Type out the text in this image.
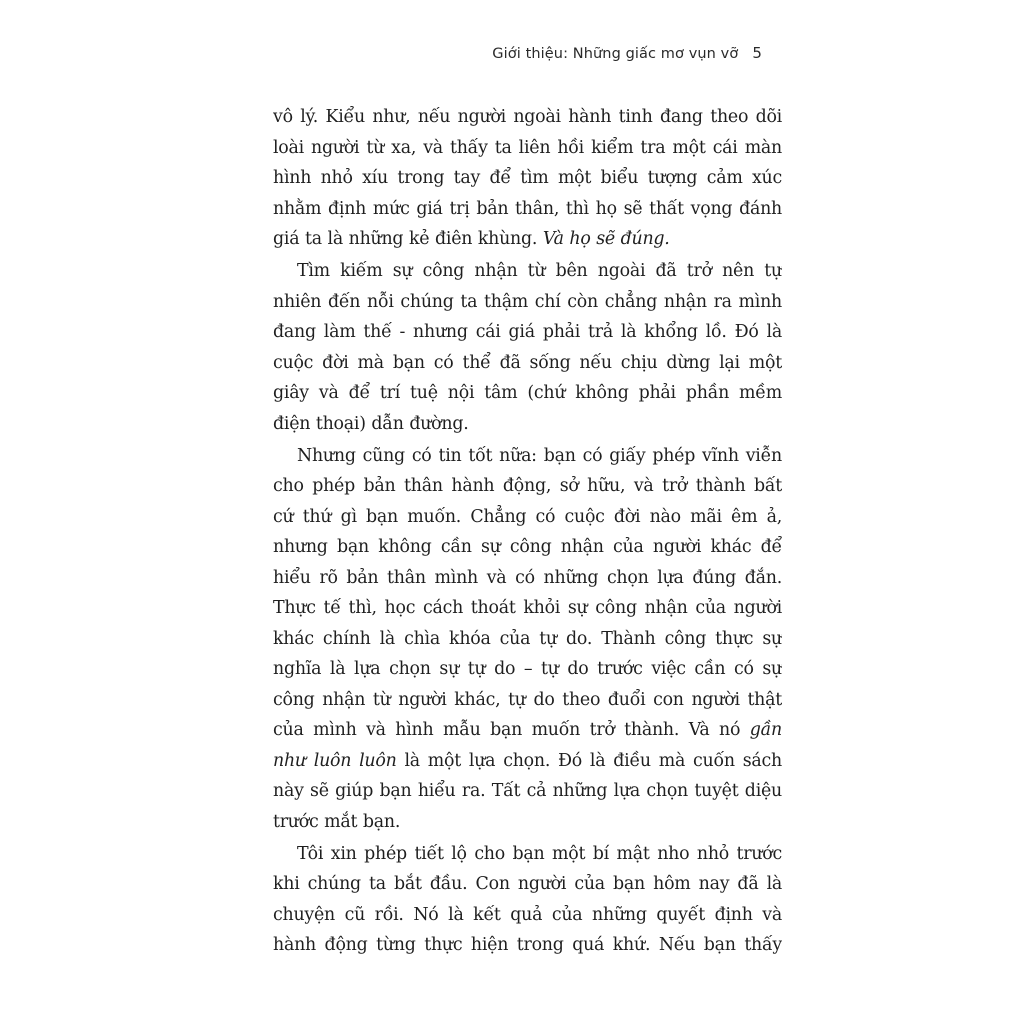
Giới thiệu: Những giấc mơ vụn vỡ 5
vô lý. Kiểu như, nếu người ngoài hành tinh đang theo dõi
loài người từ xa, và thấy ta liên hồi kiểm tra một cái màn
hình nhỏ xíu trong tay để tìm một biểu tượng cảm xúc
nhằm định mức giá trị bản thân, thì họ sẽ thất vọng đánh
giá ta là những kẻ điên khùng. Và họ sẽ đúng.
Tìm kiếm sự công nhận từ bên ngoài đã trở nên tự
nhiên đến nỗi chúng ta thậm chí còn chẳng nhận ra mình
đang làm thế - nhưng cái giá phải trả là khổng lồ. Đó là
cuộc đời mà bạn có thể đã sống nếu chịu dừng lại một
giây và để trí tuệ nội tâm (chứ không phải phần mềm
điện thoại) dẫn đường.
Nhưng cũng có tin tốt nữa: bạn có giấy phép vĩnh viễn
cho phép bản thân hành động, sở hữu, và trở thành bất
cứ thứ gì bạn muốn. Chẳng có cuộc đời nào mãi êm ả,
nhưng bạn không cần sự công nhận của người khác để
hiểu rõ bản thân mình và có những chọn lựa đúng đắn.
Thực tế thì, học cách thoát khỏi sự công nhận của người
khác chính là chìa khóa của tự do. Thành công thực sự
nghĩa là lựa chọn sự tự do – tự do trước việc cần có sự
công nhận từ người khác, tự do theo đuổi con người thật
của mình và hình mẫu bạn muốn trở thành. Và nó gần
như luôn luôn là một lựa chọn. Đó là điều mà cuốn sách
này sẽ giúp bạn hiểu ra. Tất cả những lựa chọn tuyệt diệu
trước mắt bạn.
Tôi xin phép tiết lộ cho bạn một bí mật nho nhỏ trước
khi chúng ta bắt đầu. Con người của bạn hôm nay đã là
chuyện cũ rồi. Nó là kết quả của những quyết định và
hành động từng thực hiện trong quá khứ. Nếu bạn thấy
